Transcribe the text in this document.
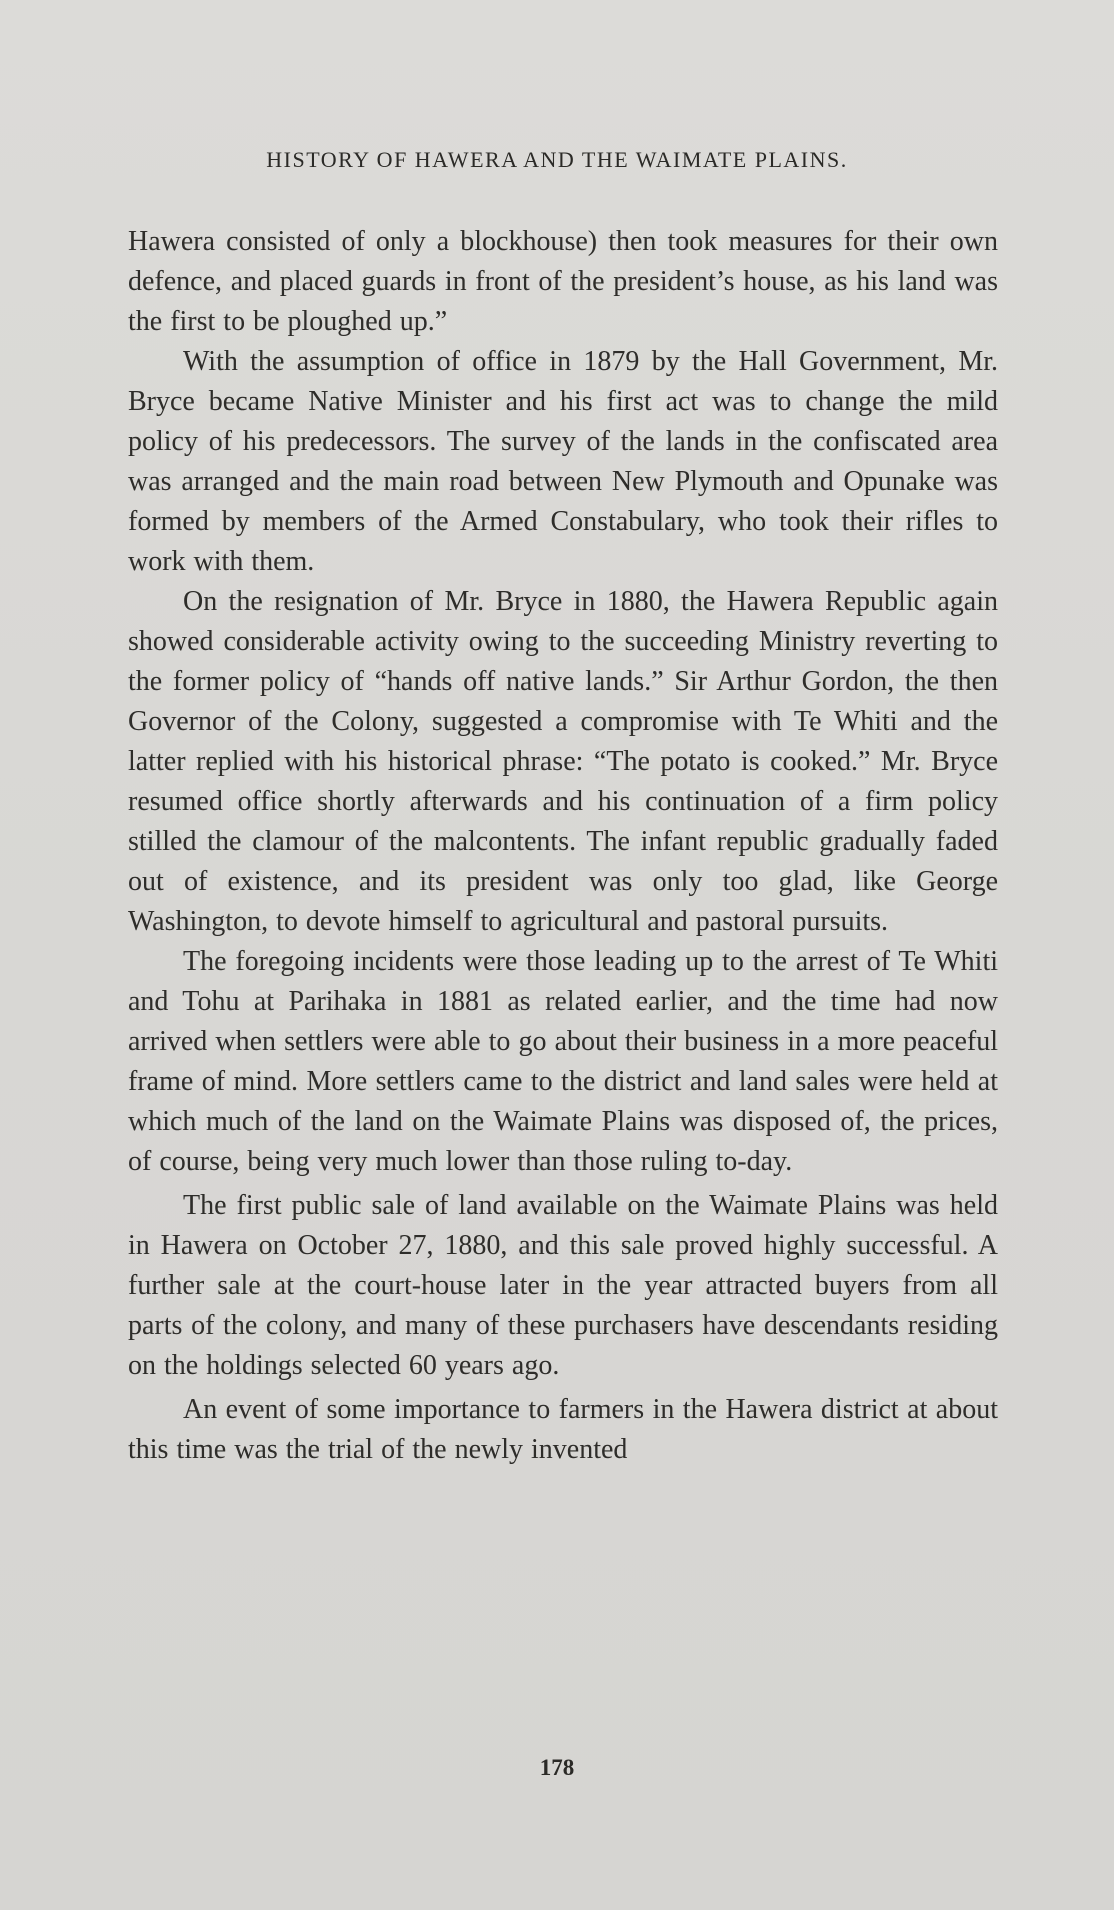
HISTORY OF HAWERA AND THE WAIMATE PLAINS.

Hawera consisted of only a blockhouse) then took measures for their own defence, and placed guards in front of the president’s house, as his land was the first to be ploughed up.”

With the assumption of office in 1879 by the Hall Government, Mr. Bryce became Native Minister and his first act was to change the mild policy of his predecessors. The survey of the lands in the confiscated area was arranged and the main road between New Plymouth and Opunake was formed by members of the Armed Constabulary, who took their rifles to work with them.

On the resignation of Mr. Bryce in 1880, the Hawera Republic again showed considerable activity owing to the succeeding Ministry reverting to the former policy of “hands off native lands.” Sir Arthur Gordon, the then Governor of the Colony, suggested a compromise with Te Whiti and the latter replied with his historical phrase: “The potato is cooked.” Mr. Bryce resumed office shortly afterwards and his continuation of a firm policy stilled the clamour of the malcontents. The infant republic gradually faded out of existence, and its president was only too glad, like George Washington, to devote himself to agricultural and pastoral pursuits.

The foregoing incidents were those leading up to the arrest of Te Whiti and Tohu at Parihaka in 1881 as related earlier, and the time had now arrived when settlers were able to go about their business in a more peaceful frame of mind. More settlers came to the district and land sales were held at which much of the land on the Waimate Plains was disposed of, the prices, of course, being very much lower than those ruling to-day.

The first public sale of land available on the Waimate Plains was held in Hawera on October 27, 1880, and this sale proved highly successful. A further sale at the court-house later in the year attracted buyers from all parts of the colony, and many of these purchasers have descendants residing on the holdings selected 60 years ago.

An event of some importance to farmers in the Hawera district at about this time was the trial of the newly invented

178
